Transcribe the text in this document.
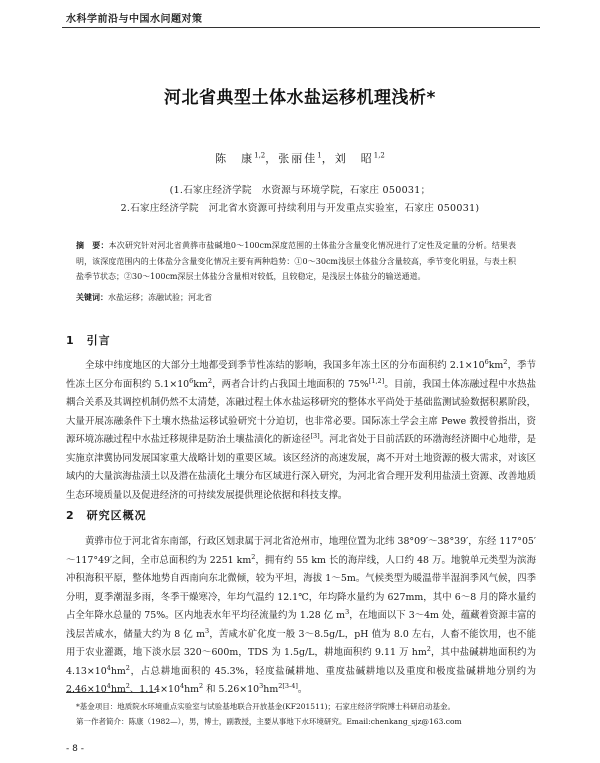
水科学前沿与中国水问题对策
河北省典型土体水盐运移机理浅析*
陈　康$^{1,2}$，张丽佳$^1$，刘　昭$^{1,2}$
(1.石家庄经济学院　水资源与环境学院，石家庄 050031；
2.石家庄经济学院　河北省水资源可持续利用与开发重点实验室，石家庄 050031)
摘　要：本次研究针对河北省黄骅市盐碱地0～100cm深度范围的土体盐分含量变化情况进行了定性及定量的分析。结果表明，该深度范围内的土体盐分含量变化情况主要有两种趋势：①0～30cm浅层土体盐分含量较高，季节变化明显，与表土积盐季节状态；②30～100cm深层土体盐分含量相对较低，且较稳定，是浅层土体盐分的输送通道。
关键词：水盐运移；冻融试验；河北省
1　引言
全球中纬度地区的大部分土地都受到季节性冻结的影响，我国多年冻土区的分布面积约 $2.1\times 10^6km^2$，季节性冻土区分布面积约 $5.1\times 10^6km^2$，两者合计约占我国土地面积的 75%[1,2]。目前，我国土体冻融过程中水热盐耦合关系及其调控机制仍然不太清楚，冻融过程土体水盐运移研究的整体水平尚处于基础监测试验数据积累阶段，大量开展冻融条件下土壤水热盐运移试验研究十分迫切，也非常必要。国际冻土学会主席 Pewe 教授曾指出，资源环境冻融过程中水盐迁移规律是防治土壤盐渍化的新途径[3]。河北省处于目前活跃的环渤海经济圈中心地带，是实施京津冀协同发展国家重大战略计划的重要区域。该区经济的高速发展，离不开对土地资源的极大需求，对该区域内的大量滨海盐渍土以及潜在盐渍化土壤分布区域进行深入研究，为河北省合理开发利用盐渍土资源、改善地质生态环境质量以及促进经济的可持续发展提供理论依据和科技支撑。
2　研究区概况
黄骅市位于河北省东南部，行政区划隶属于河北省沧州市，地理位置为北纬 38°09′～38°39′，东经 117°05′～117°49′之间，全市总面积约为 2251 $km^2$，拥有约 55 km 长的海岸线，人口约 48 万。地貌单元类型为滨海冲积海积平原，整体地势自西南向东北微倾，较为平坦，海拔 1～5m。气候类型为暖温带半湿润季风气候，四季分明，夏季潮湿多雨，冬季干燥寒冷，年均气温约 12.1℃，年均降水量约为 627mm，其中 6～8 月的降水量约占全年降水总量的 75%。区内地表水年平均径流量约为 1.28 亿 $m^3$，在地面以下 3～4m 处，蕴藏着资源丰富的浅层苦咸水，储量大约为 8 亿 $m^3$，苦咸水矿化度一般 3～8.5g/L，pH 值为 8.0 左右，人畜不能饮用，也不能用于农业灌溉，地下淡水层 320～600m，TDS 为 1.5g/L，耕地面积约 9.11 万 $hm^2$，其中盐碱耕地面积约为 $4.13\times 10^4hm^2$，占总耕地面积的 45.3%，轻度盐碱耕地、重度盐碱耕地以及重度和极度盐碱耕地分别约为 $2.46\times 10^4hm^2$、$1.14\times 10^4hm^2$ 和 $5.26\times 10^3hm^{2[3-4]}$。
*基金项目：地质院水环境重点实验室与试验基地联合开放基金(KF201511)；石家庄经济学院博士科研启动基金。
第一作者简介：陈康（1982—），男，博士，副教授，主要从事地下水环境研究。Email:chenkang_sjz@163.com
- 8 -
